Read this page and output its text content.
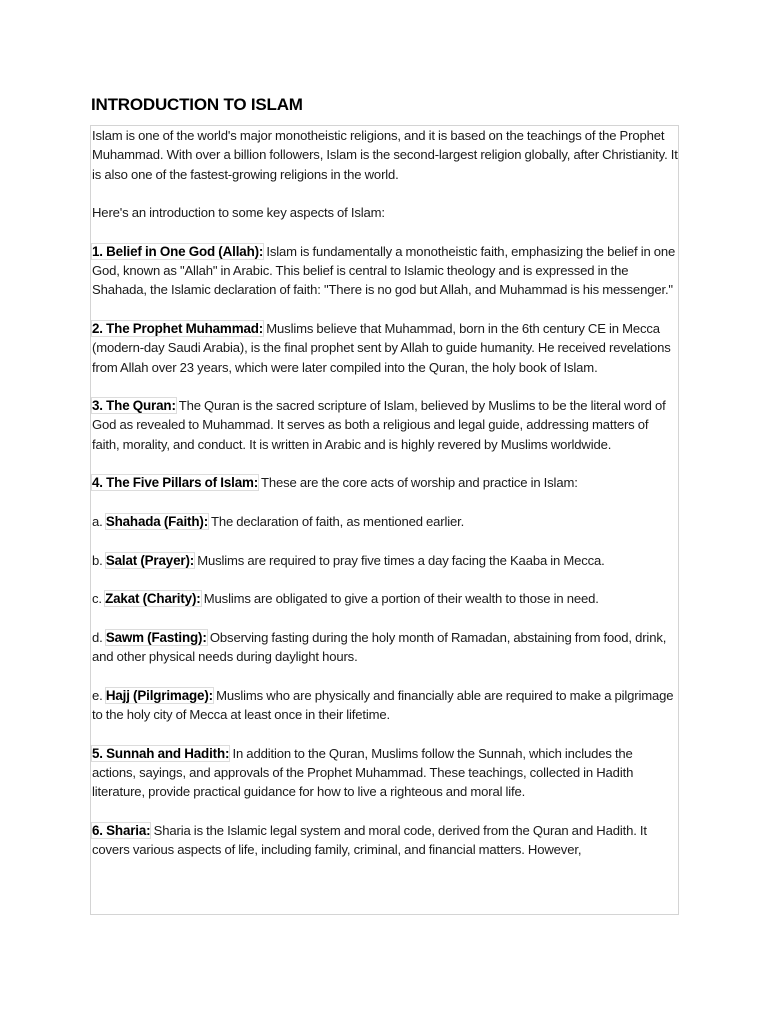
INTRODUCTION TO ISLAM

Islam is one of the world's major monotheistic religions, and it is based on the teachings of the Prophet Muhammad. With over a billion followers, Islam is the second-largest religion globally, after Christianity. It is also one of the fastest-growing religions in the world.

Here's an introduction to some key aspects of Islam:

1. Belief in One God (Allah): Islam is fundamentally a monotheistic faith, emphasizing the belief in one God, known as "Allah" in Arabic. This belief is central to Islamic theology and is expressed in the Shahada, the Islamic declaration of faith: "There is no god but Allah, and Muhammad is his messenger."

2. The Prophet Muhammad: Muslims believe that Muhammad, born in the 6th century CE in Mecca (modern-day Saudi Arabia), is the final prophet sent by Allah to guide humanity. He received revelations from Allah over 23 years, which were later compiled into the Quran, the holy book of Islam.

3. The Quran: The Quran is the sacred scripture of Islam, believed by Muslims to be the literal word of God as revealed to Muhammad. It serves as both a religious and legal guide, addressing matters of faith, morality, and conduct. It is written in Arabic and is highly revered by Muslims worldwide.

4. The Five Pillars of Islam: These are the core acts of worship and practice in Islam:

a. Shahada (Faith): The declaration of faith, as mentioned earlier.

b. Salat (Prayer): Muslims are required to pray five times a day facing the Kaaba in Mecca.

c. Zakat (Charity): Muslims are obligated to give a portion of their wealth to those in need.

d. Sawm (Fasting): Observing fasting during the holy month of Ramadan, abstaining from food, drink, and other physical needs during daylight hours.

e. Hajj (Pilgrimage): Muslims who are physically and financially able are required to make a pilgrimage to the holy city of Mecca at least once in their lifetime.

5. Sunnah and Hadith: In addition to the Quran, Muslims follow the Sunnah, which includes the actions, sayings, and approvals of the Prophet Muhammad. These teachings, collected in Hadith literature, provide practical guidance for how to live a righteous and moral life.

6. Sharia: Sharia is the Islamic legal system and moral code, derived from the Quran and Hadith. It covers various aspects of life, including family, criminal, and financial matters. However,
